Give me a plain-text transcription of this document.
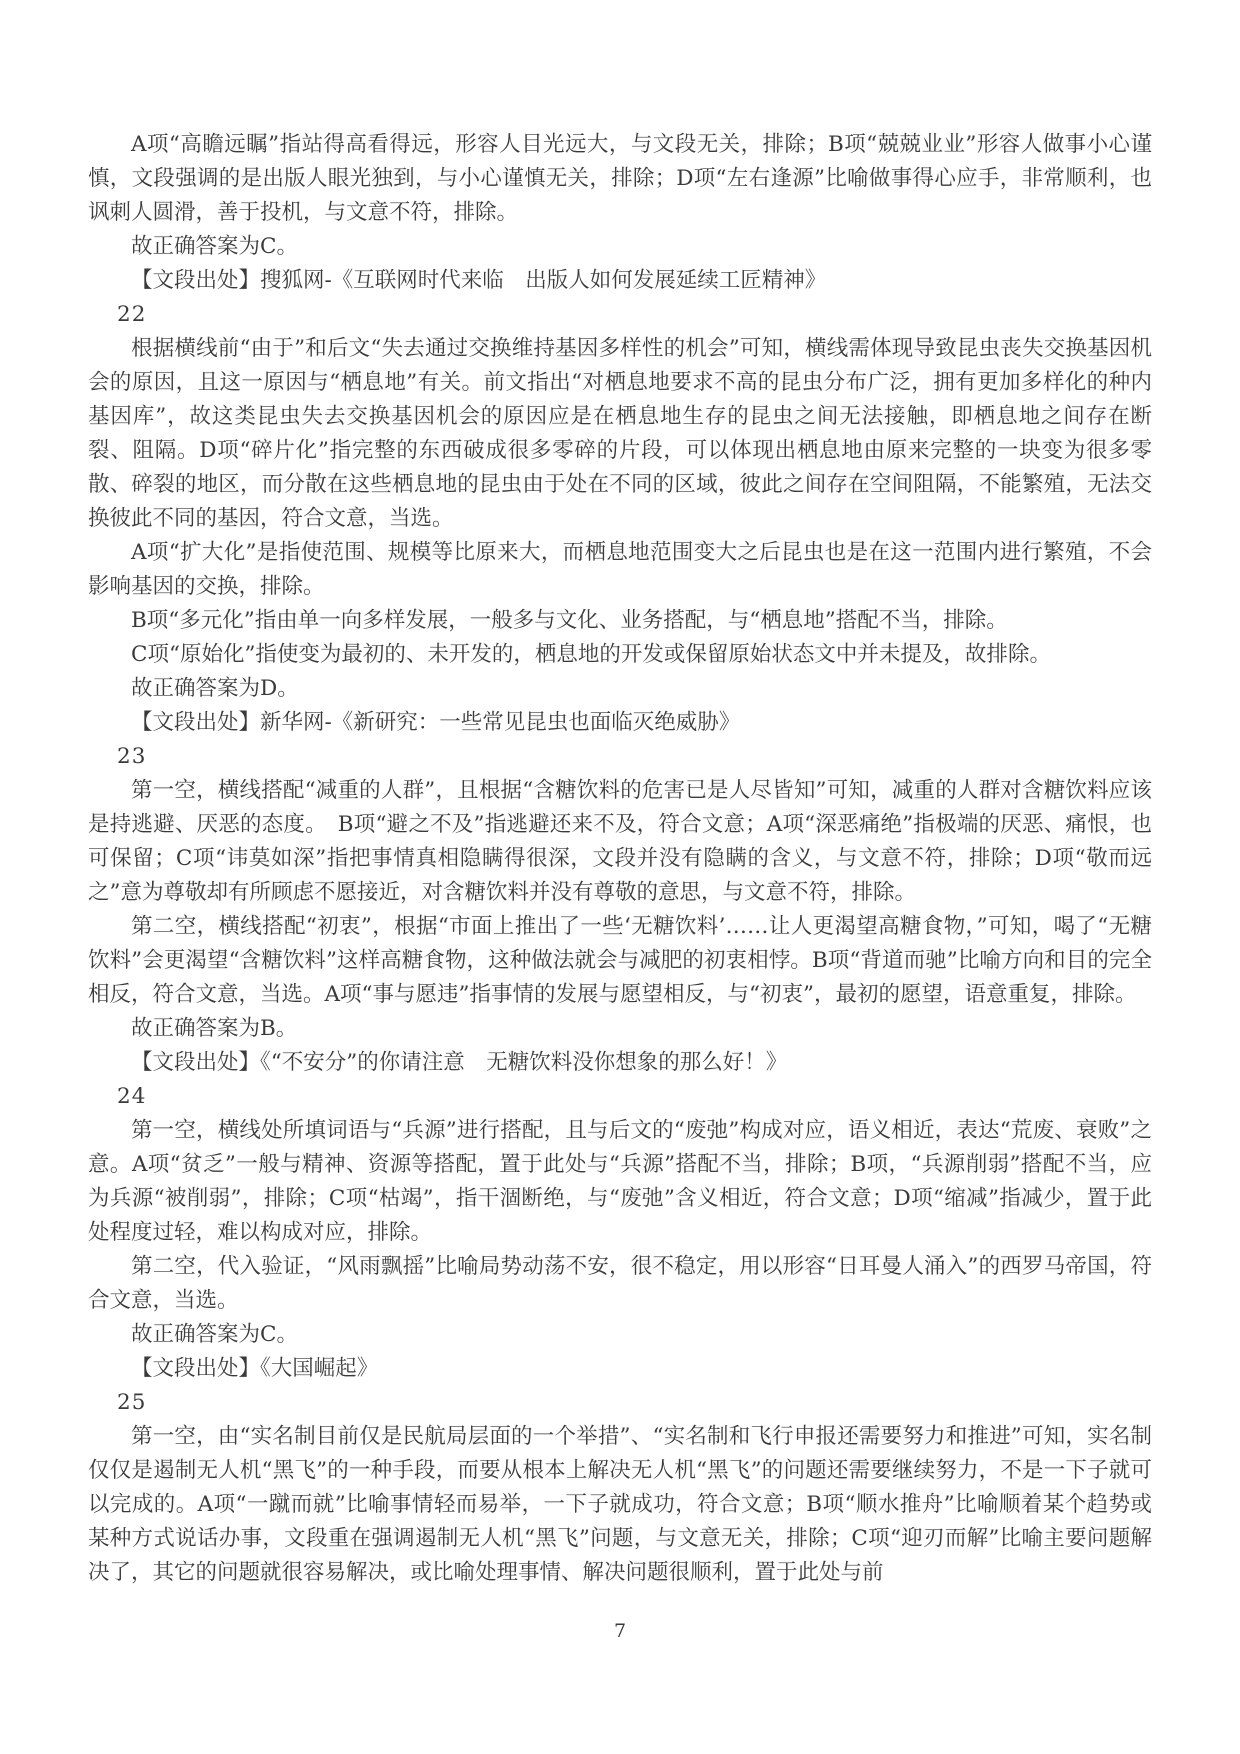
A项“高瞻远瞩”指站得高看得远，形容人目光远大，与文段无关，排除；B项“兢兢业业”形容人做事小心谨慎，文段强调的是出版人眼光独到，与小心谨慎无关，排除；D项“左右逢源”比喻做事得心应手，非常顺利，也讽刺人圆滑，善于投机，与文意不符，排除。

故正确答案为C。

【文段出处】搜狐网-《互联网时代来临　出版人如何发展延续工匠精神》

22

根据横线前“由于”和后文“失去通过交换维持基因多样性的机会”可知，横线需体现导致昆虫丧失交换基因机会的原因，且这一原因与“栖息地”有关。前文指出“对栖息地要求不高的昆虫分布广泛，拥有更加多样化的种内基因库”，故这类昆虫失去交换基因机会的原因应是在栖息地生存的昆虫之间无法接触，即栖息地之间存在断裂、阻隔。D项“碎片化”指完整的东西破成很多零碎的片段，可以体现出栖息地由原来完整的一块变为很多零散、碎裂的地区，而分散在这些栖息地的昆虫由于处在不同的区域，彼此之间存在空间阻隔，不能繁殖，无法交换彼此不同的基因，符合文意，当选。

A项“扩大化”是指使范围、规模等比原来大，而栖息地范围变大之后昆虫也是在这一范围内进行繁殖，不会影响基因的交换，排除。

B项“多元化”指由单一向多样发展，一般多与文化、业务搭配，与“栖息地”搭配不当，排除。

C项“原始化”指使变为最初的、未开发的，栖息地的开发或保留原始状态文中并未提及，故排除。

故正确答案为D。

【文段出处】新华网-《新研究：一些常见昆虫也面临灭绝威胁》

23

第一空，横线搭配“减重的人群”，且根据“含糖饮料的危害已是人尽皆知”可知，减重的人群对含糖饮料应该是持逃避、厌恶的态度。　B项“避之不及”指逃避还来不及，符合文意；A项“深恶痛绝”指极端的厌恶、痛恨，也可保留；C项“讳莫如深”指把事情真相隐瞒得很深，文段并没有隐瞒的含义，与文意不符，排除；D项“敬而远之”意为尊敬却有所顾虑不愿接近，对含糖饮料并没有尊敬的意思，与文意不符，排除。

第二空，横线搭配“初衷”，根据“市面上推出了一些‘无糖饮料’……让人更渴望高糖食物，”可知，喝了“无糖饮料”会更渴望“含糖饮料”这样高糖食物，这种做法就会与减肥的初衷相悖。B项“背道而驰”比喻方向和目的完全相反，符合文意，当选。A项“事与愿违”指事情的发展与愿望相反，与“初衷”，最初的愿望，语意重复，排除。

故正确答案为B。

【文段出处】《“不安分”的你请注意　无糖饮料没你想象的那么好！》

24

第一空，横线处所填词语与“兵源”进行搭配，且与后文的“废弛”构成对应，语义相近，表达“荒废、衰败”之意。A项“贫乏”一般与精神、资源等搭配，置于此处与“兵源”搭配不当，排除；B项，“兵源削弱”搭配不当，应为兵源“被削弱”，排除；C项“枯竭”，指干涸断绝，与“废弛”含义相近，符合文意；D项“缩减”指减少，置于此处程度过轻，难以构成对应，排除。

第二空，代入验证，“风雨飘摇”比喻局势动荡不安，很不稳定，用以形容“日耳曼人涌入”的西罗马帝国，符合文意，当选。

故正确答案为C。

【文段出处】《大国崛起》

25

第一空，由“实名制目前仅是民航局层面的一个举措”、“实名制和飞行申报还需要努力和推进”可知，实名制仅仅是遏制无人机“黑飞”的一种手段，而要从根本上解决无人机“黑飞”的问题还需要继续努力，不是一下子就可以完成的。A项“一蹴而就”比喻事情轻而易举，一下子就成功，符合文意；B项“顺水推舟”比喻顺着某个趋势或某种方式说话办事，文段重在强调遏制无人机“黑飞”问题，与文意无关，排除；C项“迎刃而解”比喻主要问题解决了，其它的问题就很容易解决，或比喻处理事情、解决问题很顺利，置于此处与前

7
